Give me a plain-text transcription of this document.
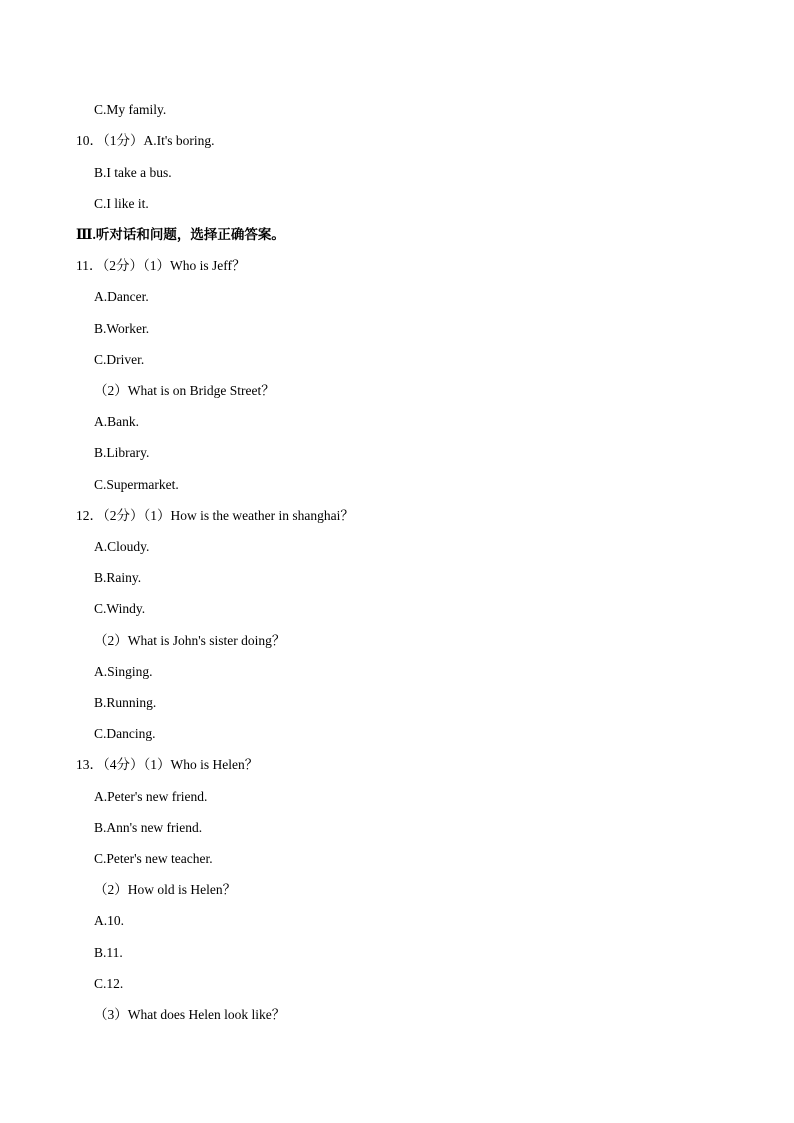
C.My family.
10．（1分）A.It's boring.
B.I take a bus.
C.I like it.
Ⅲ.听对话和问题，选择正确答案。
11．（2分）（1）Who is Jeff？
A.Dancer.
B.Worker.
C.Driver.
（2）What is on Bridge Street？
A.Bank.
B.Library.
C.Supermarket.
12．（2分）（1）How is the weather in shanghai？
A.Cloudy.
B.Rainy.
C.Windy.
（2）What is John's sister doing？
A.Singing.
B.Running.
C.Dancing.
13．（4分）（1）Who is Helen？
A.Peter's new friend.
B.Ann's new friend.
C.Peter's new teacher.
（2）How old is Helen？
A.10.
B.11.
C.12.
（3）What does Helen look like？
